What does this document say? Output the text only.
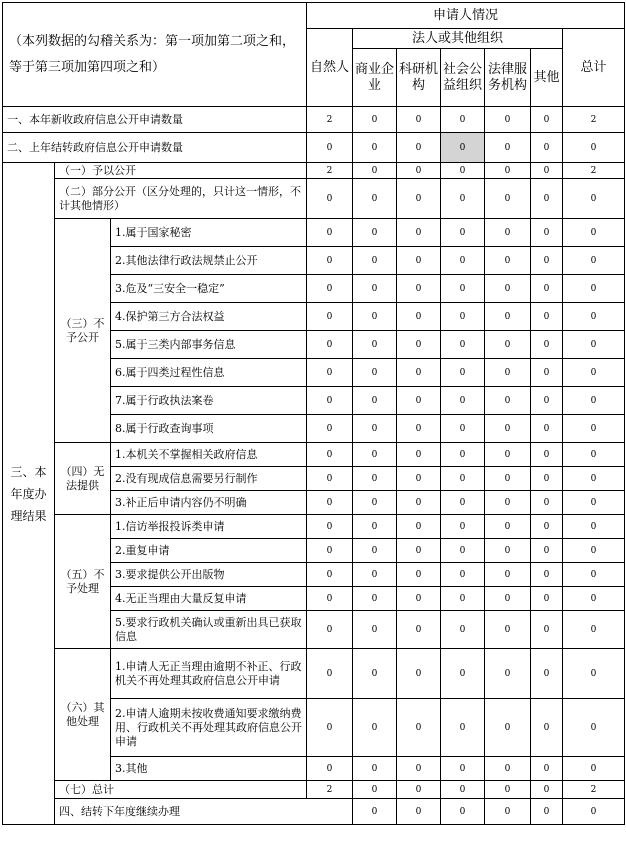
（本列数据的勾稽关系为：第一项加第二项之和，等于第三项加第四项之和）			申请人情况							
			自然人	法人或其他组织					总计	
				商业企业	科研机构	社会公益组织	法律服务机构	其他		
一、本年新收政府信息公开申请数量			2	0	0	0	0	0	2	
二、上年结转政府信息公开申请数量			0	0	0	0	0	0	0	
三、本年度办理结果	（一）予以公开		2	0	0	0	0	0	2	
	（二）部分公开（区分处理的，只计这一情形，不计其他情形）		0	0	0	0	0	0	0	
	（三）不予公开	1.属于国家秘密	0	0	0	0	0	0	0	
		2.其他法律行政法规禁止公开	0	0	0	0	0	0	0	
		3.危及“三安全一稳定”	0	0	0	0	0	0	0	
		4.保护第三方合法权益	0	0	0	0	0	0	0	
		5.属于三类内部事务信息	0	0	0	0	0	0	0	
		6.属于四类过程性信息	0	0	0	0	0	0	0	
		7.属于行政执法案卷	0	0	0	0	0	0	0	
		8.属于行政查询事项	0	0	0	0	0	0	0	
	（四）无法提供	1.本机关不掌握相关政府信息	0	0	0	0	0	0	0	
		2.没有现成信息需要另行制作	0	0	0	0	0	0	0	
		3.补正后申请内容仍不明确	0	0	0	0	0	0	0	
	（五）不予处理	1.信访举报投诉类申请	0	0	0	0	0	0	0	
		2.重复申请	0	0	0	0	0	0	0	
		3.要求提供公开出版物	0	0	0	0	0	0	0	
		4.无正当理由大量反复申请	0	0	0	0	0	0	0	
		5.要求行政机关确认或重新出具已获取信息	0	0	0	0	0	0	0	
	（六）其他处理	1.申请人无正当理由逾期不补正、行政机关不再处理其政府信息公开申请	0	0	0	0	0	0	0	
		2.申请人逾期未按收费通知要求缴纳费用、行政机关不再处理其政府信息公开申请	0	0	0	0	0	0	0	
		3.其他	0	0	0	0	0	0	0	
	（七）总计		2	0	0	0	0	0	2	
	四、结转下年度继续办理			0	0	0	0	0	0	
